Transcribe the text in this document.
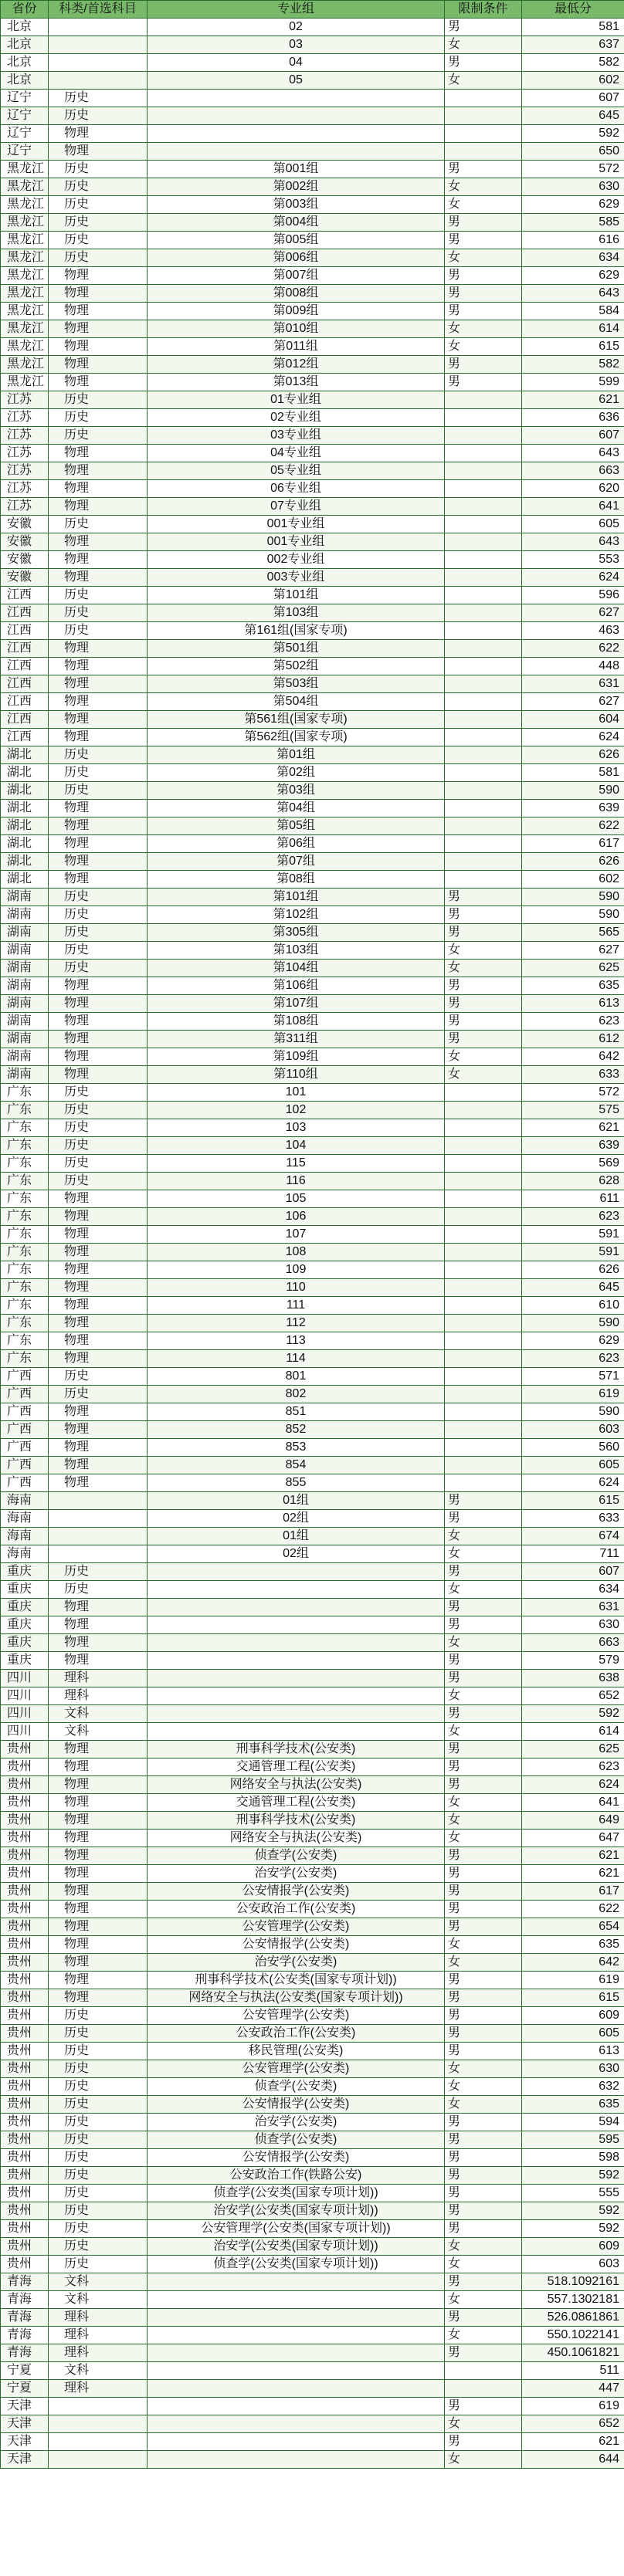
省份	科类/首选科目	专业组	限制条件	最低分
北京		02	男	581
北京		03	女	637
北京		04	男	582
北京		05	女	602
辽宁	历史			607
辽宁	历史			645
辽宁	物理			592
辽宁	物理			650
黑龙江	历史	第001组	男	572
黑龙江	历史	第002组	女	630
黑龙江	历史	第003组	女	629
黑龙江	历史	第004组	男	585
黑龙江	历史	第005组	男	616
黑龙江	历史	第006组	女	634
黑龙江	物理	第007组	男	629
黑龙江	物理	第008组	男	643
黑龙江	物理	第009组	男	584
黑龙江	物理	第010组	女	614
黑龙江	物理	第011组	女	615
黑龙江	物理	第012组	男	582
黑龙江	物理	第013组	男	599
江苏	历史	01专业组		621
江苏	历史	02专业组		636
江苏	历史	03专业组		607
江苏	物理	04专业组		643
江苏	物理	05专业组		663
江苏	物理	06专业组		620
江苏	物理	07专业组		641
安徽	历史	001专业组		605
安徽	物理	001专业组		643
安徽	物理	002专业组		553
安徽	物理	003专业组		624
江西	历史	第101组		596
江西	历史	第103组		627
江西	历史	第161组(国家专项)		463
江西	物理	第501组		622
江西	物理	第502组		448
江西	物理	第503组		631
江西	物理	第504组		627
江西	物理	第561组(国家专项)		604
江西	物理	第562组(国家专项)		624
湖北	历史	第01组		626
湖北	历史	第02组		581
湖北	历史	第03组		590
湖北	物理	第04组		639
湖北	物理	第05组		622
湖北	物理	第06组		617
湖北	物理	第07组		626
湖北	物理	第08组		602
湖南	历史	第101组	男	590
湖南	历史	第102组	男	590
湖南	历史	第305组	男	565
湖南	历史	第103组	女	627
湖南	历史	第104组	女	625
湖南	物理	第106组	男	635
湖南	物理	第107组	男	613
湖南	物理	第108组	男	623
湖南	物理	第311组	男	612
湖南	物理	第109组	女	642
湖南	物理	第110组	女	633
广东	历史	101		572
广东	历史	102		575
广东	历史	103		621
广东	历史	104		639
广东	历史	115		569
广东	历史	116		628
广东	物理	105		611
广东	物理	106		623
广东	物理	107		591
广东	物理	108		591
广东	物理	109		626
广东	物理	110		645
广东	物理	111		610
广东	物理	112		590
广东	物理	113		629
广东	物理	114		623
广西	历史	801		571
广西	历史	802		619
广西	物理	851		590
广西	物理	852		603
广西	物理	853		560
广西	物理	854		605
广西	物理	855		624
海南		01组	男	615
海南		02组	男	633
海南		01组	女	674
海南		02组	女	711
重庆	历史		男	607
重庆	历史		女	634
重庆	物理		男	631
重庆	物理		男	630
重庆	物理		女	663
重庆	物理		男	579
四川	理科		男	638
四川	理科		女	652
四川	文科		男	592
四川	文科		女	614
贵州	物理	刑事科学技术(公安类)	男	625
贵州	物理	交通管理工程(公安类)	男	623
贵州	物理	网络安全与执法(公安类)	男	624
贵州	物理	交通管理工程(公安类)	女	641
贵州	物理	刑事科学技术(公安类)	女	649
贵州	物理	网络安全与执法(公安类)	女	647
贵州	物理	侦查学(公安类)	男	621
贵州	物理	治安学(公安类)	男	621
贵州	物理	公安情报学(公安类)	男	617
贵州	物理	公安政治工作(公安类)	男	622
贵州	物理	公安管理学(公安类)	男	654
贵州	物理	公安情报学(公安类)	女	635
贵州	物理	治安学(公安类)	女	642
贵州	物理	刑事科学技术(公安类(国家专项计划))	男	619
贵州	物理	网络安全与执法(公安类(国家专项计划))	男	615
贵州	历史	公安管理学(公安类)	男	609
贵州	历史	公安政治工作(公安类)	男	605
贵州	历史	移民管理(公安类)	男	613
贵州	历史	公安管理学(公安类)	女	630
贵州	历史	侦查学(公安类)	女	632
贵州	历史	公安情报学(公安类)	女	635
贵州	历史	治安学(公安类)	男	594
贵州	历史	侦查学(公安类)	男	595
贵州	历史	公安情报学(公安类)	男	598
贵州	历史	公安政治工作(铁路公安)	男	592
贵州	历史	侦查学(公安类(国家专项计划))	男	555
贵州	历史	治安学(公安类(国家专项计划))	男	592
贵州	历史	公安管理学(公安类(国家专项计划))	男	592
贵州	历史	治安学(公安类(国家专项计划))	女	609
贵州	历史	侦查学(公安类(国家专项计划))	女	603
青海	文科		男	518.1092161
青海	文科		女	557.1302181
青海	理科		男	526.0861861
青海	理科		女	550.1022141
青海	理科		男	450.1061821
宁夏	文科			511
宁夏	理科			447
天津			男	619
天津			女	652
天津			男	621
天津			女	644
